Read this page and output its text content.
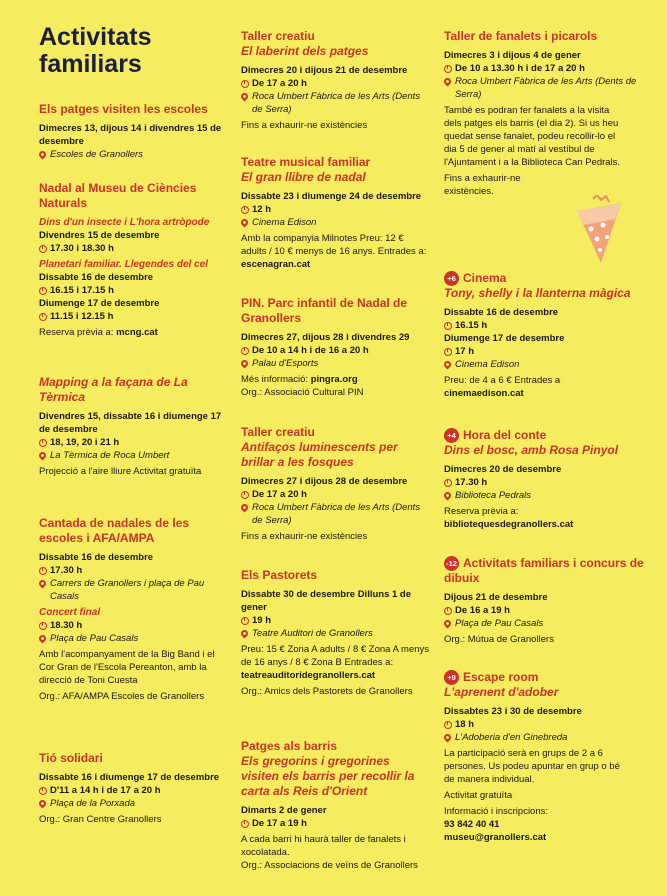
Activitats familiars
Els patges visiten les escoles
Dimecres 13, dijous 14 i divendres 15 de desembre
Escoles de Granollers
Nadal al Museu de Ciències Naturals
Dins d'un insecte i L'hora artròpode
Divendres 15 de desembre
17.30 i 18.30 h
Planetari familiar. Llegendes del cel
Dissabte 16 de desembre
16.15 i 17.15 h
Diumenge 17 de desembre
11.15 i 12.15 h
Reserva prèvia a: mcng.cat
Mapping a la façana de La Tèrmica
Divendres 15, dissabte 16 i diumenge 17 de desembre
18, 19, 20 i 21 h
La Tèrmica de Roca Umbert
Projecció a l'aire lliure Activitat gratuïta
Cantada de nadales de les escoles i AFA/AMPA
Dissabte 16 de desembre
17.30 h
Carrers de Granollers i plaça de Pau Casals
Concert final
18.30 h
Plaça de Pau Casals
Amb l'acompanyament de la Big Band i el Cor Gran de l'Escola Pereanton, amb la direcció de Toni Cuesta
Org.: AFA/AMPA Escoles de Granollers
Tió solidari
Dissabte 16 i diumenge 17 de desembre
D'11 a 14 h i de 17 a 20 h
Plaça de la Porxada
Org.: Gran Centre Granollers
Taller creatiu
El laberint dels patges
Dimecres 20 i dijous 21 de desembre
De 17 a 20 h
Roca Umbert Fàbrica de les Arts (Dents de Serra)
Fins a exhaurir-ne existències
Teatre musical familiar
El gran llibre de nadal
Dissabte 23 i diumenge 24 de desembre
12 h
Cinema Edison
Amb la companyia Milnotes Preu: 12 € adults / 10 € menys de 16 anys. Entrades a: escenagran.cat
PIN. Parc infantil de Nadal de Granollers
Dimecres 27, dijous 28 i divendres 29
De 10 a 14 h i de 16 a 20 h
Palau d'Esports
Més informació: pingra.org
Org.: Associació Cultural PIN
Taller creatiu
Antifaços luminescents per brillar a les fosques
Dimecres 27 i dijous 28 de desembre
De 17 a 20 h
Roca Umbert Fàbrica de les Arts (Dents de Serra)
Fins a exhaurir-ne existències
Els Pastorets
Dissabte 30 de desembre Dilluns 1 de gener
19 h
Teatre Auditori de Granollers
Preu: 15 € Zona A adults / 8 € Zona A menys de 16 anys / 8 € Zona B Entrades a: teatreauditoridegranollers.cat
Org.: Amics dels Pastorets de Granollers
Patges als barris
Els gregorins i gregorines visiten els barris per recollir la carta als Reis d'Orient
Dimarts 2 de gener
De 17 a 19 h
A cada barri hi haurà taller de fanalets i xocolatada.
Org.: Associacions de veïns de Granollers
Taller de fanalets i picarols
Dimecres 3 i dijous 4 de gener
De 10 a 13.30 h i de 17 a 20 h
Roca Umbert Fàbrica de les Arts (Dents de Serra)
També es podran fer fanalets a la visita dels patges els barris (el dia 2). Si us heu quedat sense fanalet, podeu recollir-lo el dia 5 de gener al matí al vestíbul de l'Ajuntament i a la Biblioteca Can Pedrals.
Fins a exhaurir-ne existències.
+6 Cinema
Tony, shelly i la llanterna màgica
Dissabte 16 de desembre
16.15 h
Diumenge 17 de desembre
17 h
Cinema Edison
Preu: de 4 a 6 € Entrades a cinemaedison.cat
+4 Hora del conte
Dins el bosc, amb Rosa Pinyol
Dimecres 20 de desembre
17.30 h
Biblioteca Pedrals
Reserva prèvia a:
bibliotequesdegranollers.cat
-12 Activitats familiars i concurs de dibuix
Dijous 21 de desembre
De 16 a 19 h
Plaça de Pau Casals
Org.: Mútua de Granollers
+9 Escape room
L'aprenent d'adober
Dissabtes 23 i 30 de desembre
18 h
L'Adoberia d'en Ginebreda
La participació serà en grups de 2 a 6 persones. Us podeu apuntar en grup o bé de manera individual.
Activitat gratuïta
Informació i inscripcions:
93 842 40 41
museu@granollers.cat
